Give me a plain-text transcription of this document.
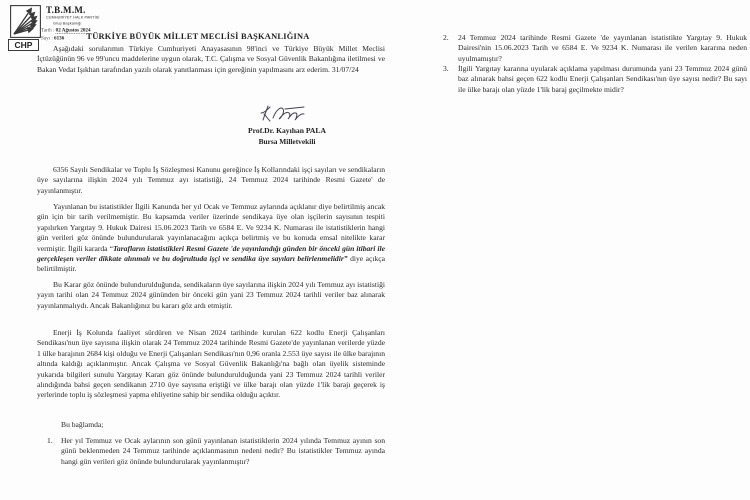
CHP
T.B.M.M.
CUMHURİYET HALK PARTİSİ
Grup Başkanlığı
Tarih : 02 Ağustos 2024
Sayı : 6136	TÜRKİYE BÜYÜK MİLLET MECLİSİ BAŞKANLIĞINA
Aşağıdaki sorularımın Türkiye Cumhuriyeti Anayasasının 98'inci ve Türkiye Büyük Millet Meclisi İçtüzüğünün 96 ve 99'uncu maddelerine uygun olarak, T.C. Çalışma ve Sosyal Güvenlik Bakanlığına iletilmesi ve Bakan Vedat Işıkhan tarafından yazılı olarak yanıtlanması için gereğinin yapılmasını arz ederim. 31/07/24
Prof.Dr. Kayıhan PALA
Bursa Milletvekili
6356 Sayılı Sendikalar ve Toplu İş Sözleşmesi Kanunu gereğince İş Kollarındaki işçi sayıları ve sendikaların üye sayılarına ilişkin 2024 yılı Temmuz ayı istatistiği, 24 Temmuz 2024 tarihinde Resmi Gazete' de yayınlanmıştır.
Yayınlanan bu istatistikler İlgili Kanunda her yıl Ocak ve Temmuz aylarında açıklanır diye belirtilmiş ancak gün için bir tarih verilmemiştir. Bu kapsamda veriler üzerinde sendikaya üye olan işçilerin sayısının tespiti yapılırken Yargıtay 9. Hukuk Dairesi 15.06.2023 Tarih ve 6584 E. Ve 9234 K. Numarası ile istatistiklerin hangi gün verileri göz önünde bulundurularak yayınlanacağını açıkça belirtmiş ve bu konuda emsal nitelikte karar vermiştir. İlgili kararda “Tarafların istatistikleri Resmi Gazete 'de yayınlandığı günden bir önceki gün itibari ile gerçekleşen veriler dikkate alınmalı ve bu doğrultuda işçi ve sendika üye sayıları belirlenmelidir” diye açıkça belirtilmiştir.
Bu Karar göz önünde bulundurulduğunda, sendikaların üye sayılarına ilişkin 2024 yılı Temmuz ayı istatistiği yayın tarihi olan 24 Temmuz 2024 gününden bir önceki gün yani 23 Temmuz 2024 tarihli veriler baz alınarak yayınlanmalıydı. Ancak Bakanlığınız bu kararı göz ardı etmiştir.
Enerji İş Kolunda faaliyet sürdüren ve Nisan 2024 tarihinde kurulan 622 kodlu Enerji Çalışanları Sendikası'nun üye sayısına ilişkin olarak 24 Temmuz 2024 tarihinde Resmi Gazete'de yayınlanan verilerde yüzde 1 ülke barajının 2684 kişi olduğu ve Enerji Çalışanları Sendikası'nın 0,96 oranla 2.553 üye sayısı ile ülke barajının altında kaldığı açıklanmıştır. Ancak Çalışma ve Sosyal Güvenlik Bakanlığı'na bağlı olan üyelik sisteminde yukarıda bilgileri sunulu Yargıtay Kararı göz önünde bulundurulduğunda yani 23 Temmuz 2024 tarihli veriler alındığında bahsi geçen sendikanın 2710 üye sayısına eriştiği ve ülke barajı olan yüzde 1'lik barajı geçerek iş yerlerinde toplu iş sözleşmesi yapma ehliyetine sahip bir sendika olduğu açıktır.
Bu bağlamda;
1. Her yıl Temmuz ve Ocak aylarının son günü yayınlanan istatistiklerin 2024 yılında Temmuz ayının son günü beklenmeden 24 Temmuz tarihinde açıklanmasının nedeni nedir? Bu istatistikler Temmuz ayında hangi gün verileri göz önünde bulundurularak yayınlanmıştır?
2. 24 Temmuz 2024 tarihinde Resmi Gazete 'de yayınlanan istatistikte Yargıtay 9. Hukuk Dairesi'nin 15.06.2023 Tarih ve 6584 E. Ve 9234 K. Numarası ile verilen kararına neden uyulmamıştır?
3. İlgili Yargıtay kararına uyularak açıklama yapılması durumunda yani 23 Temmuz 2024 günü baz alınarak bahsi geçen 622 kodlu Enerji Çalışanları Sendikası'nın üye sayısı nedir? Bu sayı ile ülke barajı olan yüzde 1'lik baraj geçilmekte midir?
